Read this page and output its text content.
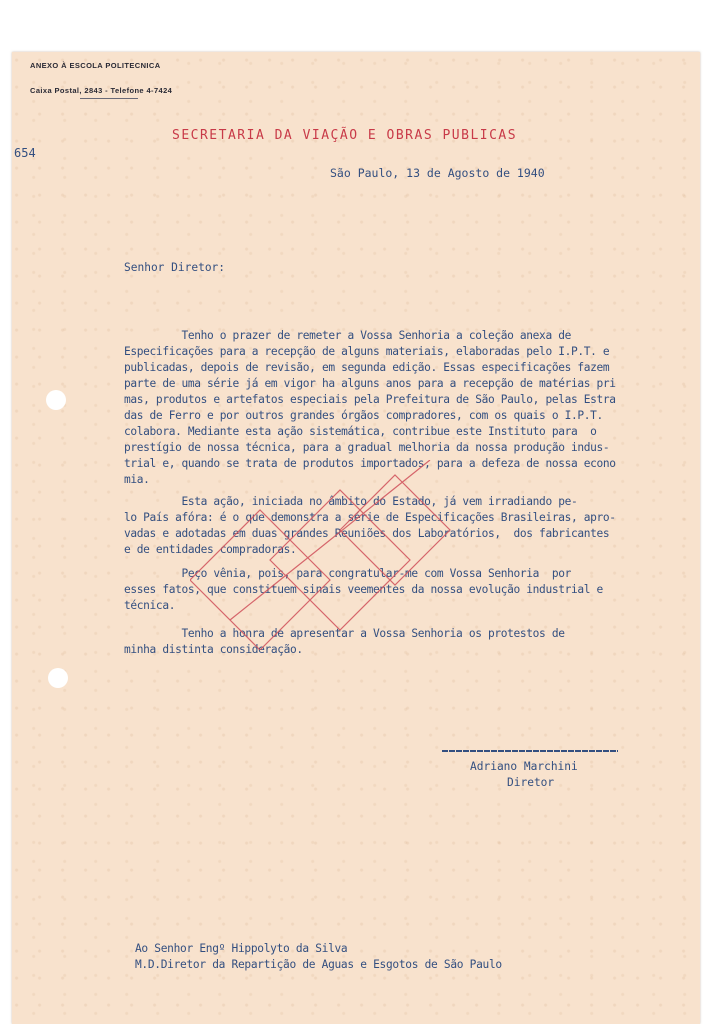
ANEXO À ESCOLA POLITECNICA
Caixa Postal, 2843 - Telefone 4-7424
654
SECRETARIA DA VIAÇÃO E OBRAS PUBLICAS
São Paulo, 13 de Agosto de 1940
Senhor Diretor:
Tenho o prazer de remeter a Vossa Senhoria a coleção anexa de
Especificações para a recepção de alguns materiais, elaboradas pelo I.P.T. e
publicadas, depois de revisão, em segunda edição. Essas especificações fazem
parte de uma série já em vigor ha alguns anos para a recepção de matérias pri
mas, produtos e artefatos especiais pela Prefeitura de São Paulo, pelas Estra
das de Ferro e por outros grandes órgãos compradores, com os quais o I.P.T.
colabora. Mediante esta ação sistemática, contribue este Instituto para  o
prestígio de nossa técnica, para a gradual melhoria da nossa produção indus-
trial e, quando se trata de produtos importados, para a defeza de nossa econo
mia.
Esta ação, iniciada no âmbito do Estado, já vem irradiando pe-
lo País afóra: é o que demonstra a série de Especificações Brasileiras, apro-
vadas e adotadas em duas grandes Reuniões dos Laboratórios,  dos fabricantes
e de entidades compradoras.
Peço vênia, pois, para congratular-me com Vossa Senhoria  por
esses fatos, que constituem sinais veementes da nossa evolução industrial e
técnica.
Tenho a honra de apresentar a Vossa Senhoria os protestos de
minha distinta consideração.
Adriano Marchini
Diretor
Ao Senhor Engº Hippolyto da Silva
M.D.Diretor da Repartição de Aguas e Esgotos de São Paulo
